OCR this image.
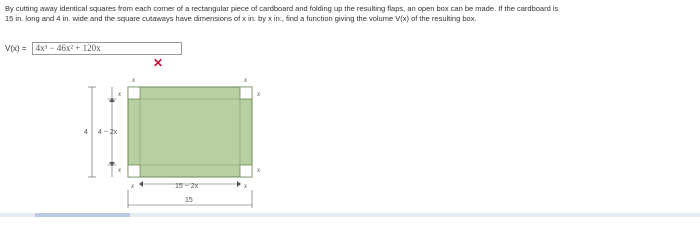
By cutting away identical squares from each corner of a rectangular piece of cardboard and folding up the resulting flaps, an open box can be made. If the cardboard is
15 in. long and 4 in. wide and the square cutaways have dimensions of x in. by x in., find a function giving the volume V(x) of the resulting box.
V(x) = 4x³ − 46x² + 120x
✕
x	x
x
x
x
x
4 4 − 2x
x	x
15 − 2x
15
